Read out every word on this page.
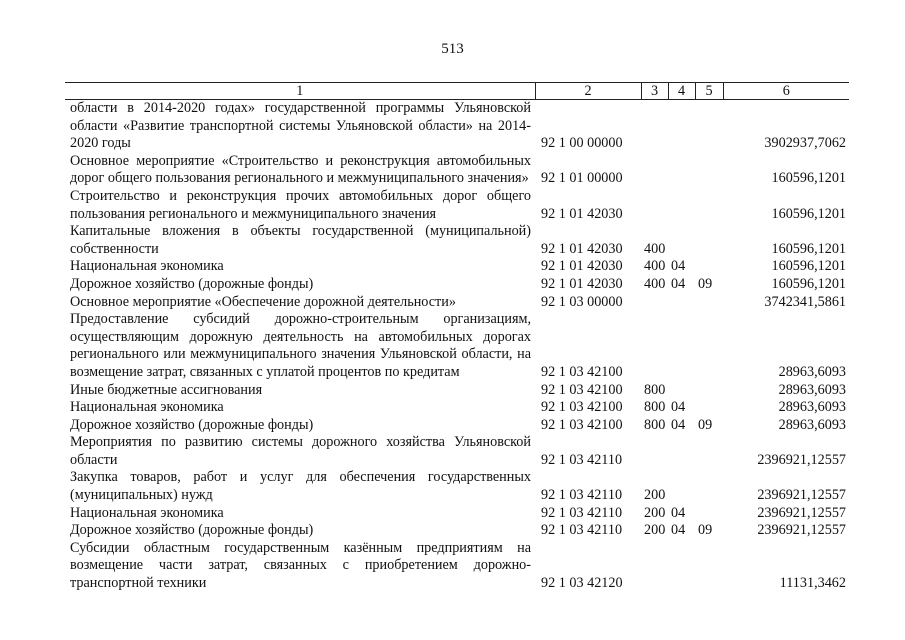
513
1	2	3	4	5	6
области в 2014-2020 годах» государственной программы Ульяновской области «Развитие транспортной системы Ульяновской области» на 2014-2020 годы	92 1 00 00000				3902937,7062
Основное мероприятие «Строительство и реконструкция автомобильных дорог общего пользования регионального и межмуниципального значения»	92 1 01 00000				160596,1201
Строительство и реконструкция прочих автомобильных дорог общего пользования регионального и межмуниципального значения	92 1 01 42030				160596,1201
Капитальные вложения в объекты государственной (муниципальной) собственности	92 1 01 42030	400			160596,1201
Национальная экономика	92 1 01 42030	400	04		160596,1201
Дорожное хозяйство (дорожные фонды)	92 1 01 42030	400	04	09	160596,1201
Основное мероприятие «Обеспечение дорожной деятельности»	92 1 03 00000				3742341,5861
Предоставление субсидий дорожно-строительным организациям, осуществляющим дорожную деятельность на автомобильных дорогах регионального или межмуниципального значения Ульяновской области, на возмещение затрат, связанных с уплатой процентов по кредитам	92 1 03 42100				28963,6093
Иные бюджетные ассигнования	92 1 03 42100	800			28963,6093
Национальная экономика	92 1 03 42100	800	04		28963,6093
Дорожное хозяйство (дорожные фонды)	92 1 03 42100	800	04	09	28963,6093
Мероприятия по развитию системы дорожного хозяйства Ульяновской области	92 1 03 42110				2396921,12557
Закупка товаров, работ и услуг для обеспечения государственных (муниципальных) нужд	92 1 03 42110	200			2396921,12557
Национальная экономика	92 1 03 42110	200	04		2396921,12557
Дорожное хозяйство (дорожные фонды)	92 1 03 42110	200	04	09	2396921,12557
Субсидии областным государственным казённым предприятиям на возмещение части затрат, связанных с приобретением дорожно-транспортной техники	92 1 03 42120				11131,3462
